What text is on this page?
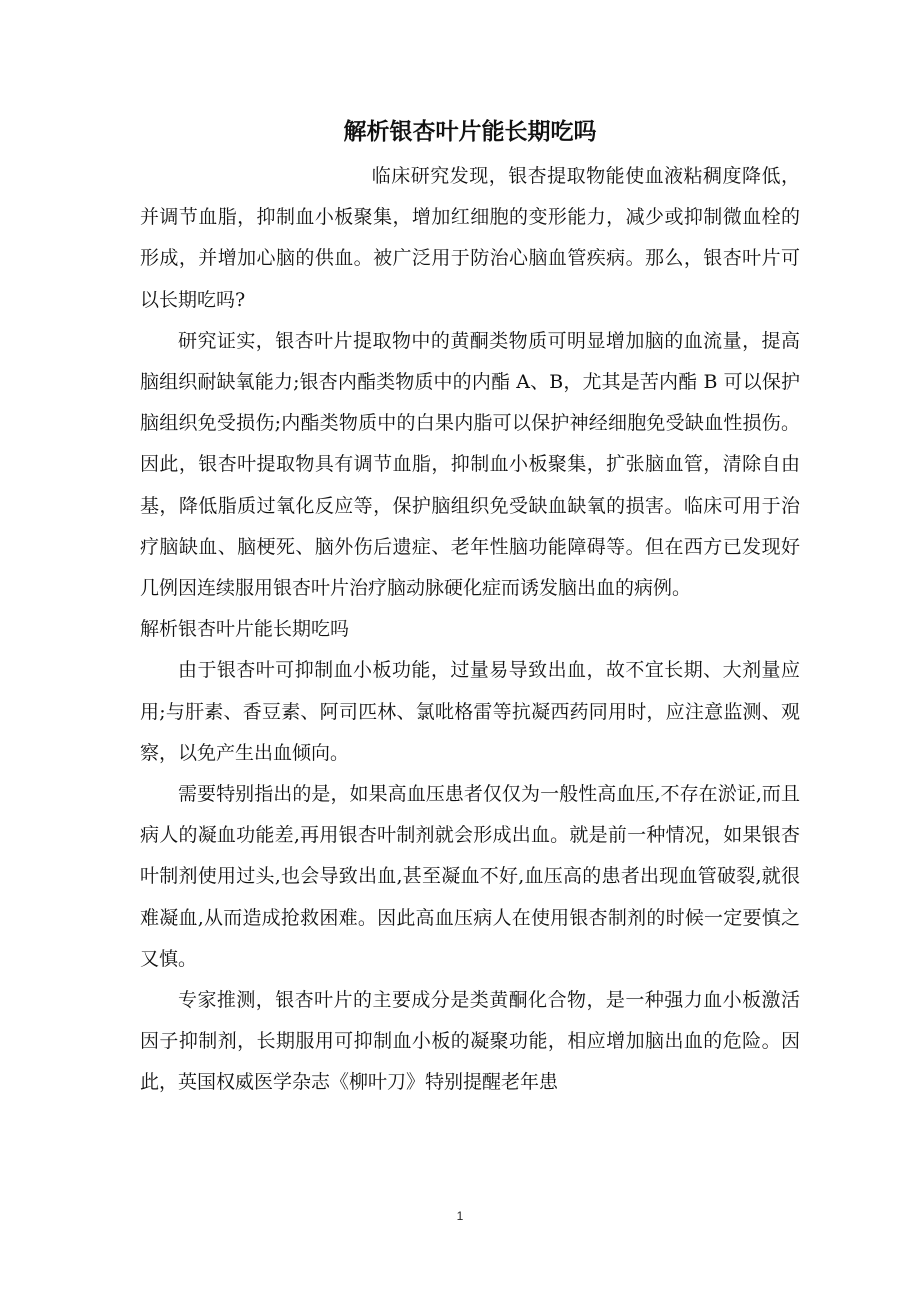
解析银杏叶片能长期吃吗

临床研究发现，银杏提取物能使血液粘稠度降低，并调节血脂，抑制血小板聚集，增加红细胞的变形能力，减少或抑制微血栓的形成，并增加心脑的供血。被广泛用于防治心脑血管疾病。那么，银杏叶片可以长期吃吗?

研究证实，银杏叶片提取物中的黄酮类物质可明显增加脑的血流量，提高脑组织耐缺氧能力;银杏内酯类物质中的内酯 A、B，尤其是苦内酯 B 可以保护脑组织免受损伤;内酯类物质中的白果内脂可以保护神经细胞免受缺血性损伤。因此，银杏叶提取物具有调节血脂，抑制血小板聚集，扩张脑血管，清除自由基，降低脂质过氧化反应等，保护脑组织免受缺血缺氧的损害。临床可用于治疗脑缺血、脑梗死、脑外伤后遗症、老年性脑功能障碍等。但在西方已发现好几例因连续服用银杏叶片治疗脑动脉硬化症而诱发脑出血的病例。

解析银杏叶片能长期吃吗

由于银杏叶可抑制血小板功能，过量易导致出血，故不宜长期、大剂量应用;与肝素、香豆素、阿司匹林、氯吡格雷等抗凝西药同用时，应注意监测、观察，以免产生出血倾向。

需要特别指出的是，如果高血压患者仅仅为一般性高血压,不存在淤证,而且病人的凝血功能差,再用银杏叶制剂就会形成出血。就是前一种情况，如果银杏叶制剂使用过头,也会导致出血,甚至凝血不好,血压高的患者出现血管破裂,就很难凝血,从而造成抢救困难。因此高血压病人在使用银杏制剂的时候一定要慎之又慎。

专家推测，银杏叶片的主要成分是类黄酮化合物，是一种强力血小板激活因子抑制剂，长期服用可抑制血小板的凝聚功能，相应增加脑出血的危险。因此，英国权威医学杂志《柳叶刀》特别提醒老年患

1
